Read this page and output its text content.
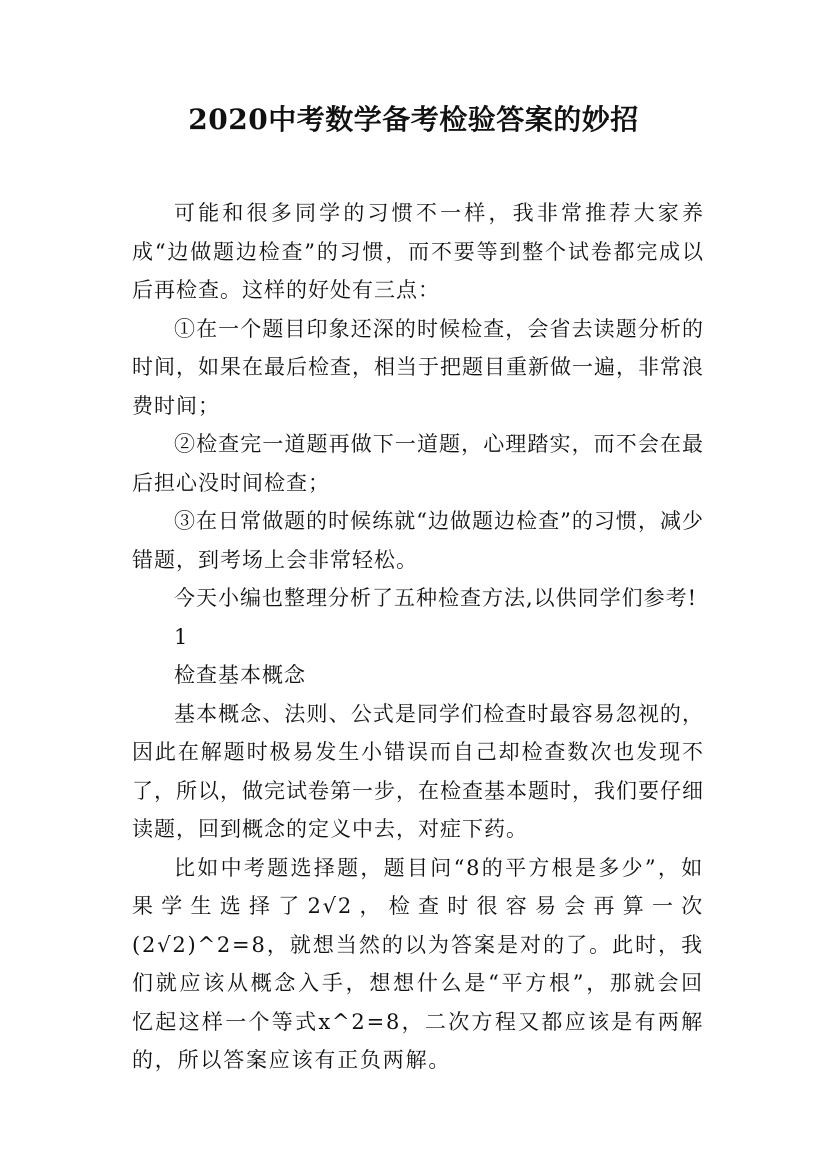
2020中考数学备考检验答案的妙招

可能和很多同学的习惯不一样，我非常推荐大家养成“边做题边检查”的习惯，而不要等到整个试卷都完成以后再检查。这样的好处有三点：

①在一个题目印象还深的时候检查，会省去读题分析的时间，如果在最后检查，相当于把题目重新做一遍，非常浪费时间；

②检查完一道题再做下一道题，心理踏实，而不会在最后担心没时间检查；

③在日常做题的时候练就“边做题边检查”的习惯，减少错题，到考场上会非常轻松。

今天小编也整理分析了五种检查方法,以供同学们参考!

1

检查基本概念

基本概念、法则、公式是同学们检查时最容易忽视的，因此在解题时极易发生小错误而自己却检查数次也发现不了，所以，做完试卷第一步，在检查基本题时，我们要仔细读题，回到概念的定义中去，对症下药。

比如中考题选择题，题目问“8的平方根是多少”，如果学生选择了2√2，检查时很容易会再算一次(2√2)^2=8，就想当然的以为答案是对的了。此时，我们就应该从概念入手，想想什么是“平方根”，那就会回忆起这样一个等式x^2=8，二次方程又都应该是有两解的，所以答案应该有正负两解。
